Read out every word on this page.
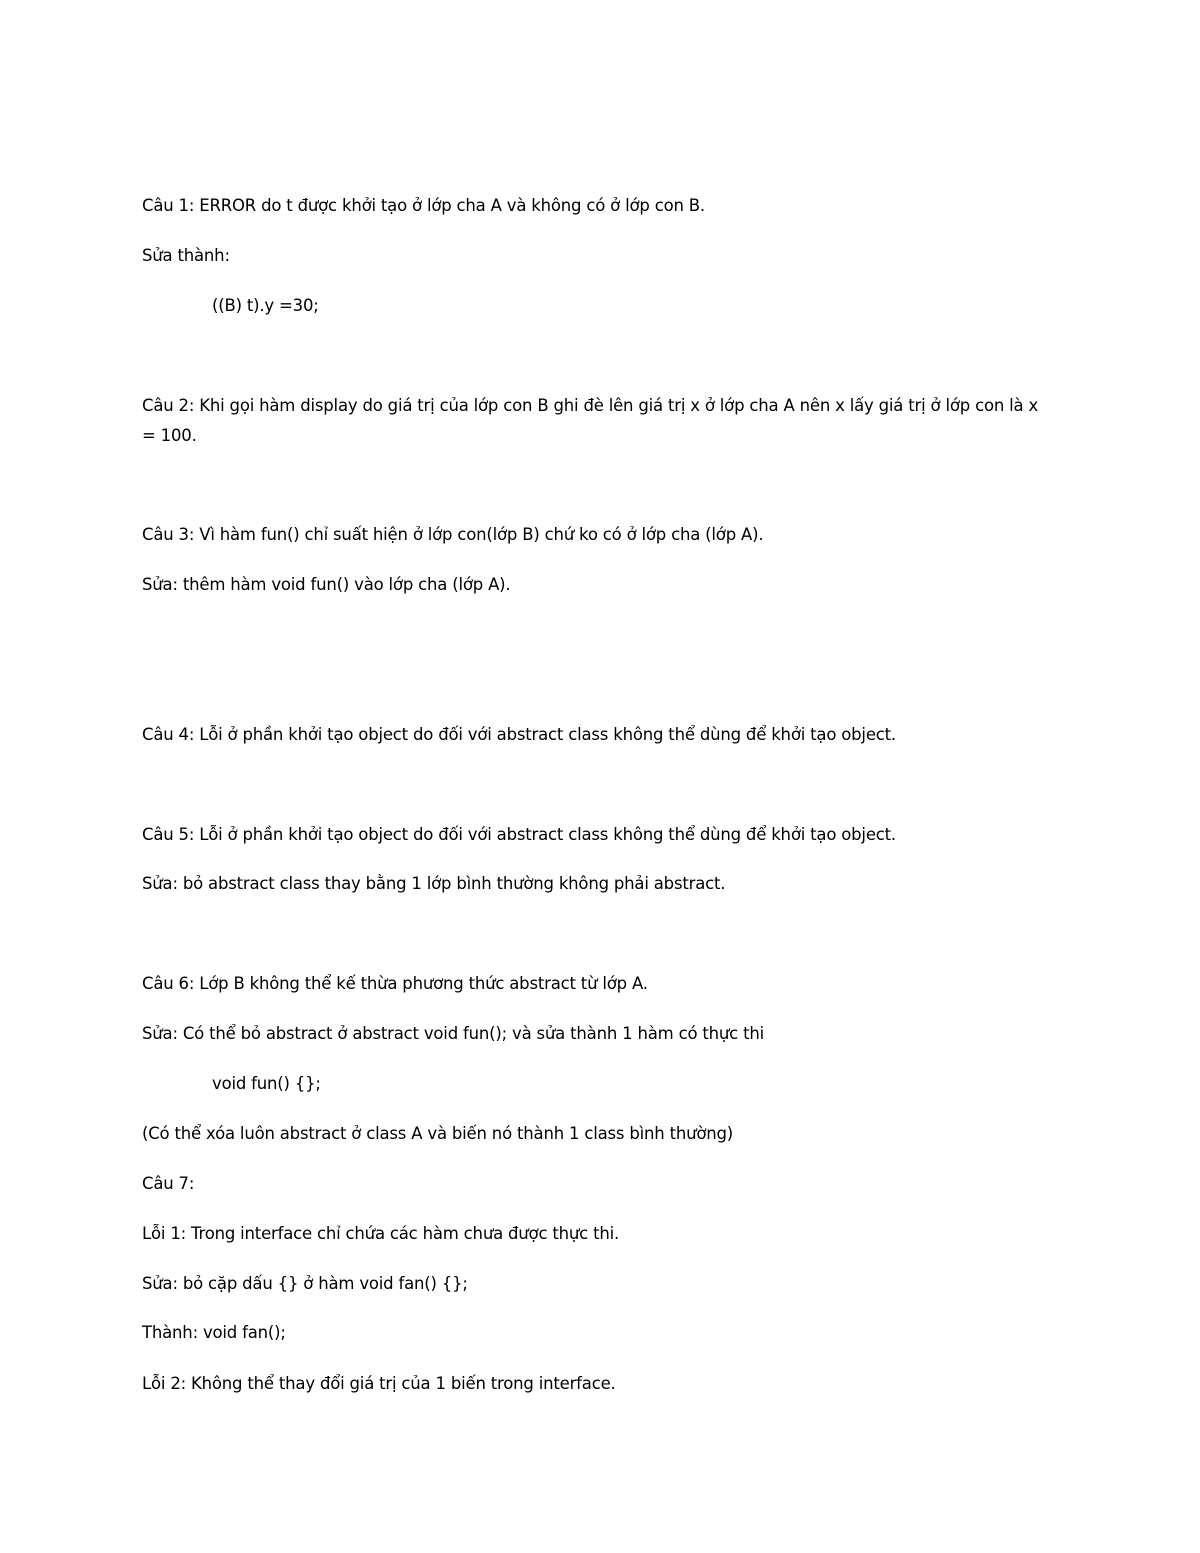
Câu 1: ERROR do t được khởi tạo ở lớp cha A và không có ở lớp con B.
Sửa thành:
((B) t).y =30;
Câu 2: Khi gọi hàm display do giá trị của lớp con B ghi đè lên giá trị x ở lớp cha A nên x lấy giá trị ở lớp con là x = 100.
Câu 3: Vì hàm fun() chỉ suất hiện ở lớp con(lớp B) chứ ko có ở lớp cha (lớp A).
Sửa: thêm hàm void fun() vào lớp cha (lớp A).
Câu 4: Lỗi ở phần khởi tạo object do đối với abstract class không thể dùng để khởi tạo object.
Câu 5: Lỗi ở phần khởi tạo object do đối với abstract class không thể dùng để khởi tạo object.
Sửa: bỏ abstract class thay bằng 1 lớp bình thường không phải abstract.
Câu 6: Lớp B không thể kế thừa phương thức abstract từ lớp A.
Sửa: Có thể bỏ abstract ở abstract void fun(); và sửa thành 1 hàm có thực thi
void fun() {};
(Có thể xóa luôn abstract ở class A và biến nó thành 1 class bình thường)
Câu 7:
Lỗi 1: Trong interface chỉ chứa các hàm chưa được thực thi.
Sửa: bỏ cặp dấu {} ở hàm void fan() {};
Thành: void fan();
Lỗi 2: Không thể thay đổi giá trị của 1 biến trong interface.
